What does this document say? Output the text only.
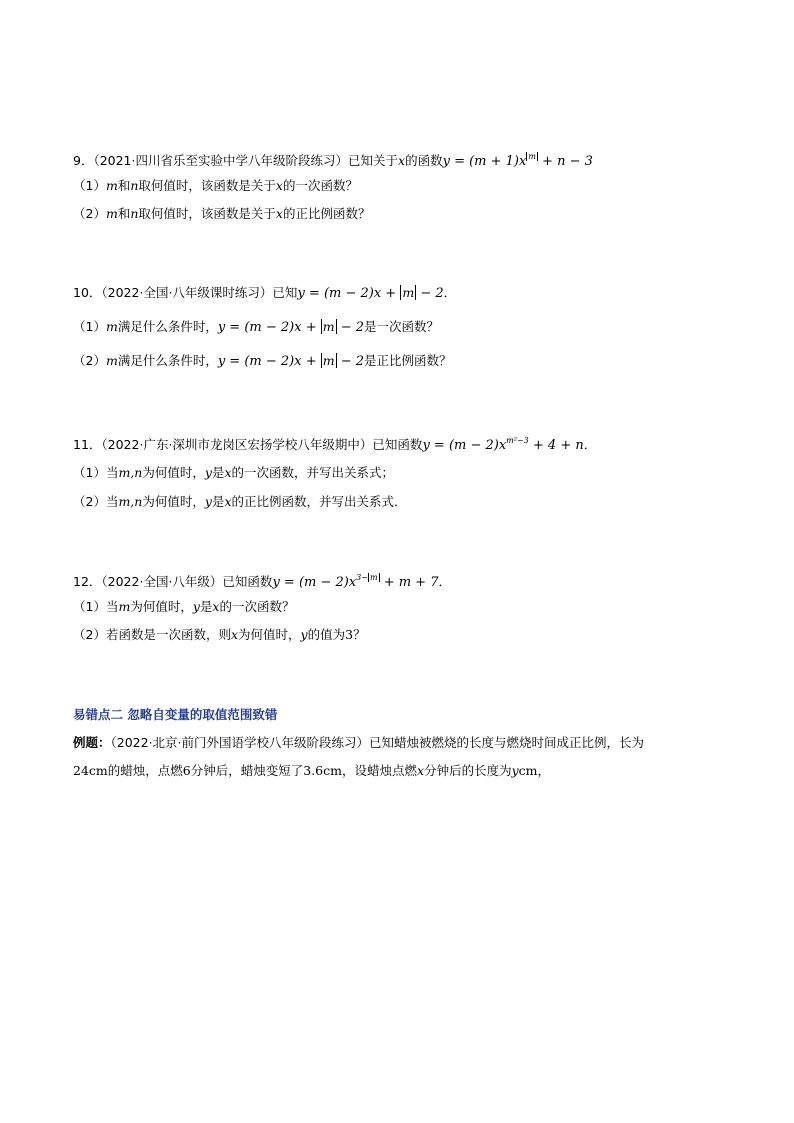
9．（2021·四川省乐至实验中学八年级阶段练习）已知关于x的函数y = (m + 1)x $^m$ + n − 3
（1）m和n取何值时，该函数是关于x的一次函数？
（2）m和n取何值时，该函数是关于x的正比例函数？
10．（2022·全国·八年级课时练习）已知y = (m − 2)x + m − 2．
（1）m满足什么条件时，y = (m − 2)x + m − 2是一次函数？
（2）m满足什么条件时，y = (m − 2)x + m − 2是正比例函数？
11．（2022·广东·深圳市龙岗区宏扬学校八年级期中）已知函数$y = (m - 2)x^{m^2-3} + 4 + n$．
（1）当m,n为何值时，y是x的一次函数，并写出关系式；
（2）当m,n为何值时，y是x的正比例函数，并写出关系式．
12．（2022·全国·八年级）已知函数$y = (m - 2)x^{3- m} + m + 7$．
（1）当m为何值时，y是x的一次函数？
（2）若函数是一次函数，则x为何值时，y的值为3？
易错点二 忽略自变量的取值范围致错
例题：（2022·北京·前门外国语学校八年级阶段练习）已知蜡烛被燃烧的长度与燃烧时间成正比例，长为
24cm的蜡烛，点燃6分钟后，蜡烛变短了3.6cm，设蜡烛点燃x分钟后的长度为ycm，
